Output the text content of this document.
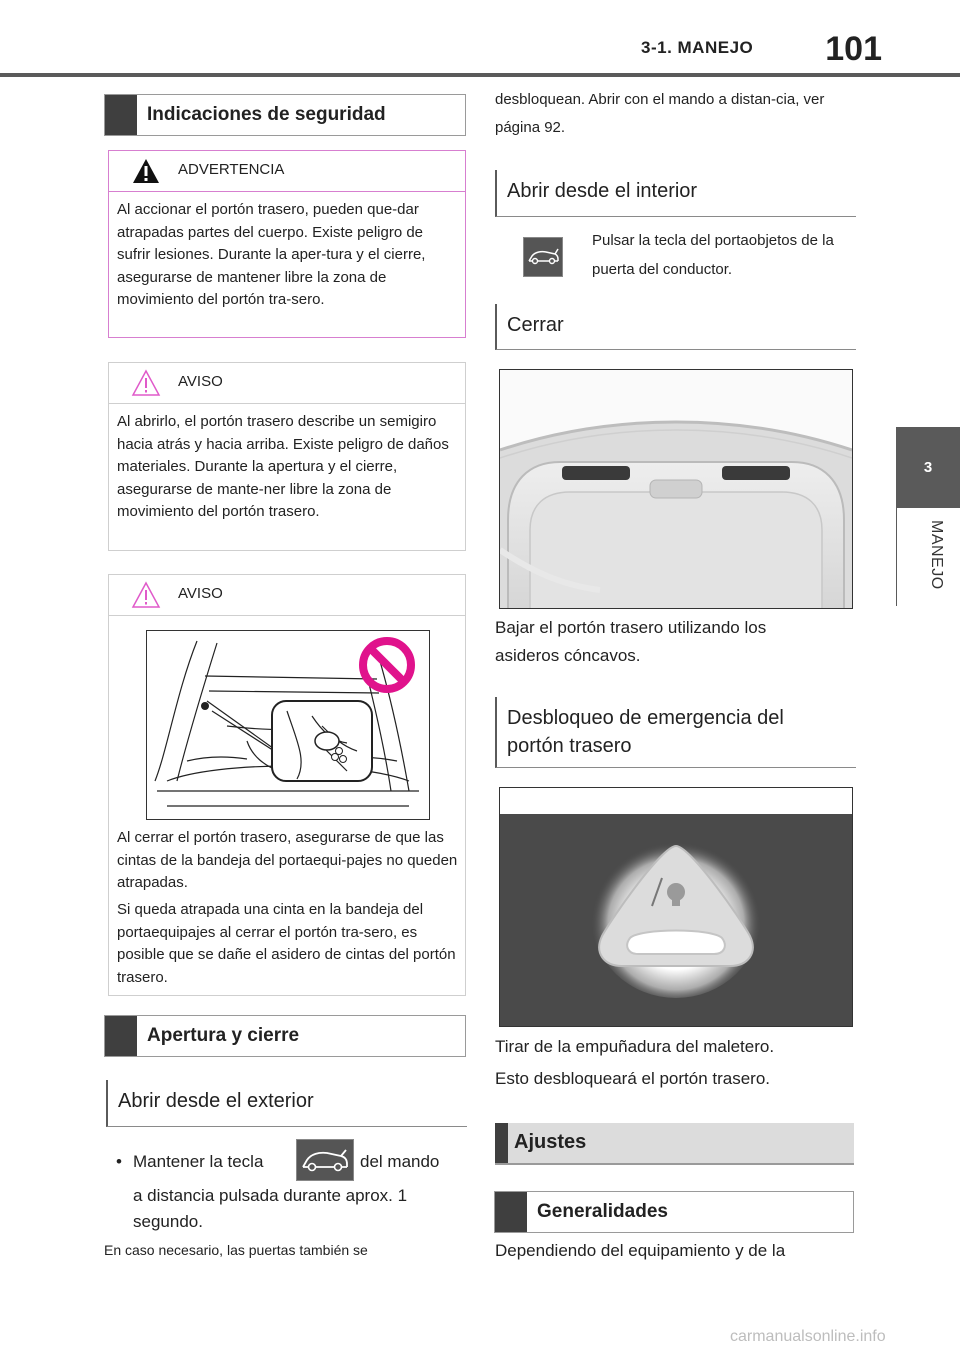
3-1. MANEJO 101
3
MANEJO
Indicaciones de seguridad
ADVERTENCIA
Al accionar el portón trasero, pueden que-dar atrapadas partes del cuerpo. Existe peligro de sufrir lesiones. Durante la aper-tura y el cierre, asegurarse de mantener libre la zona de movimiento del portón tra-sero.
AVISO
Al abrirlo, el portón trasero describe un semigiro hacia atrás y hacia arriba. Existe peligro de daños materiales. Durante la apertura y el cierre, asegurarse de mante-ner libre la zona de movimiento del portón trasero.
AVISO
Al cerrar el portón trasero, asegurarse de que las cintas de la bandeja del portaequi-pajes no queden atrapadas.
Si queda atrapada una cinta en la bandeja del portaequipajes al cerrar el portón tra-sero, es posible que se dañe el asidero de cintas del portón trasero.
Apertura y cierre
Abrir desde el exterior
• Mantener la tecla	del mando
a distancia pulsada durante aprox. 1
segundo.
En caso necesario, las puertas también se
desbloquean. Abrir con el mando a distan-cia, ver página 92.
Abrir desde el interior
Pulsar la tecla del portaobjetos de la puerta del conductor.
Cerrar
Bajar el portón trasero utilizando los asideros cóncavos.
Desbloqueo de emergencia del portón trasero
Tirar de la empuñadura del maletero.
Esto desbloqueará el portón trasero.
Ajustes
Generalidades
Dependiendo del equipamiento y de la
carmanualsonline.info
